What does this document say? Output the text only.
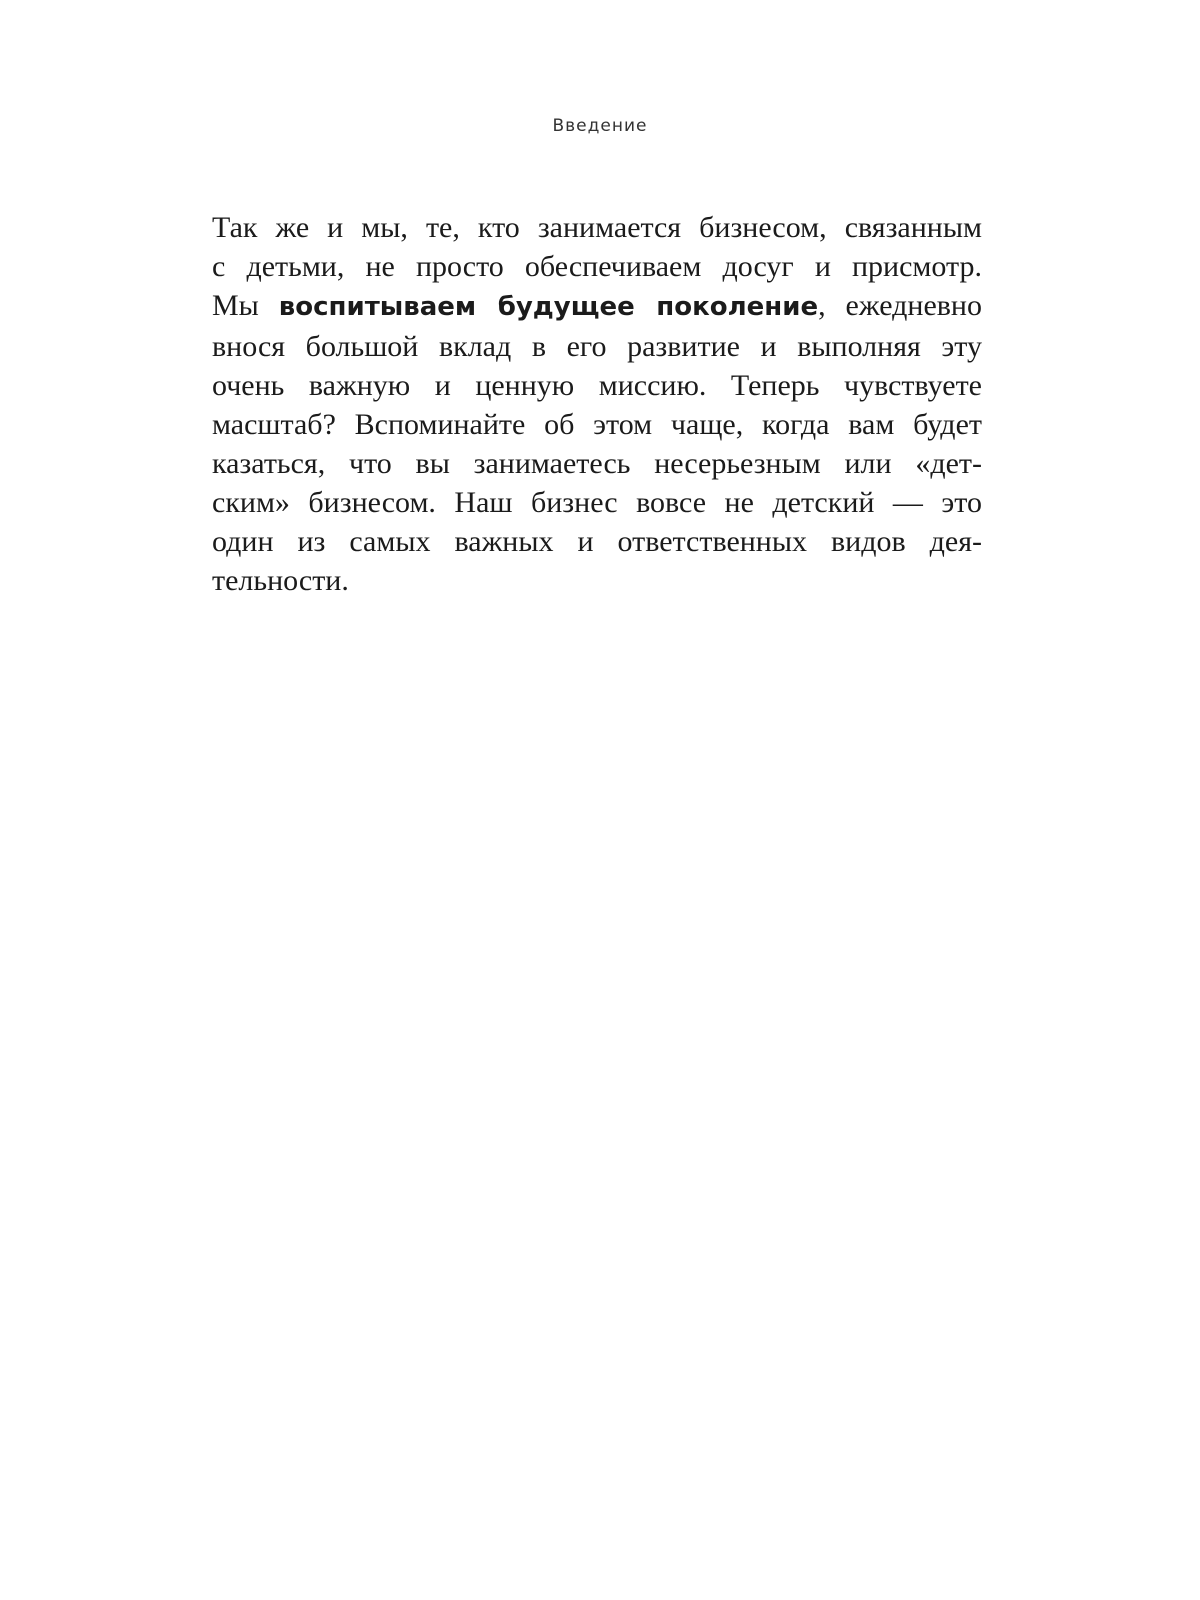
Введение

Так же и мы, те, кто занимается бизнесом, связанным
с детьми, не просто обеспечиваем досуг и присмотр.
Мы воспитываем будущее поколение, ежедневно
внося большой вклад в его развитие и выполняя эту
очень важную и ценную миссию. Теперь чувствуете
масштаб? Вспоминайте об этом чаще, когда вам будет
казаться, что вы занимаетесь несерьезным или «дет-
ским» бизнесом. Наш бизнес вовсе не детский — это
один из самых важных и ответственных видов дея-
тельности.
